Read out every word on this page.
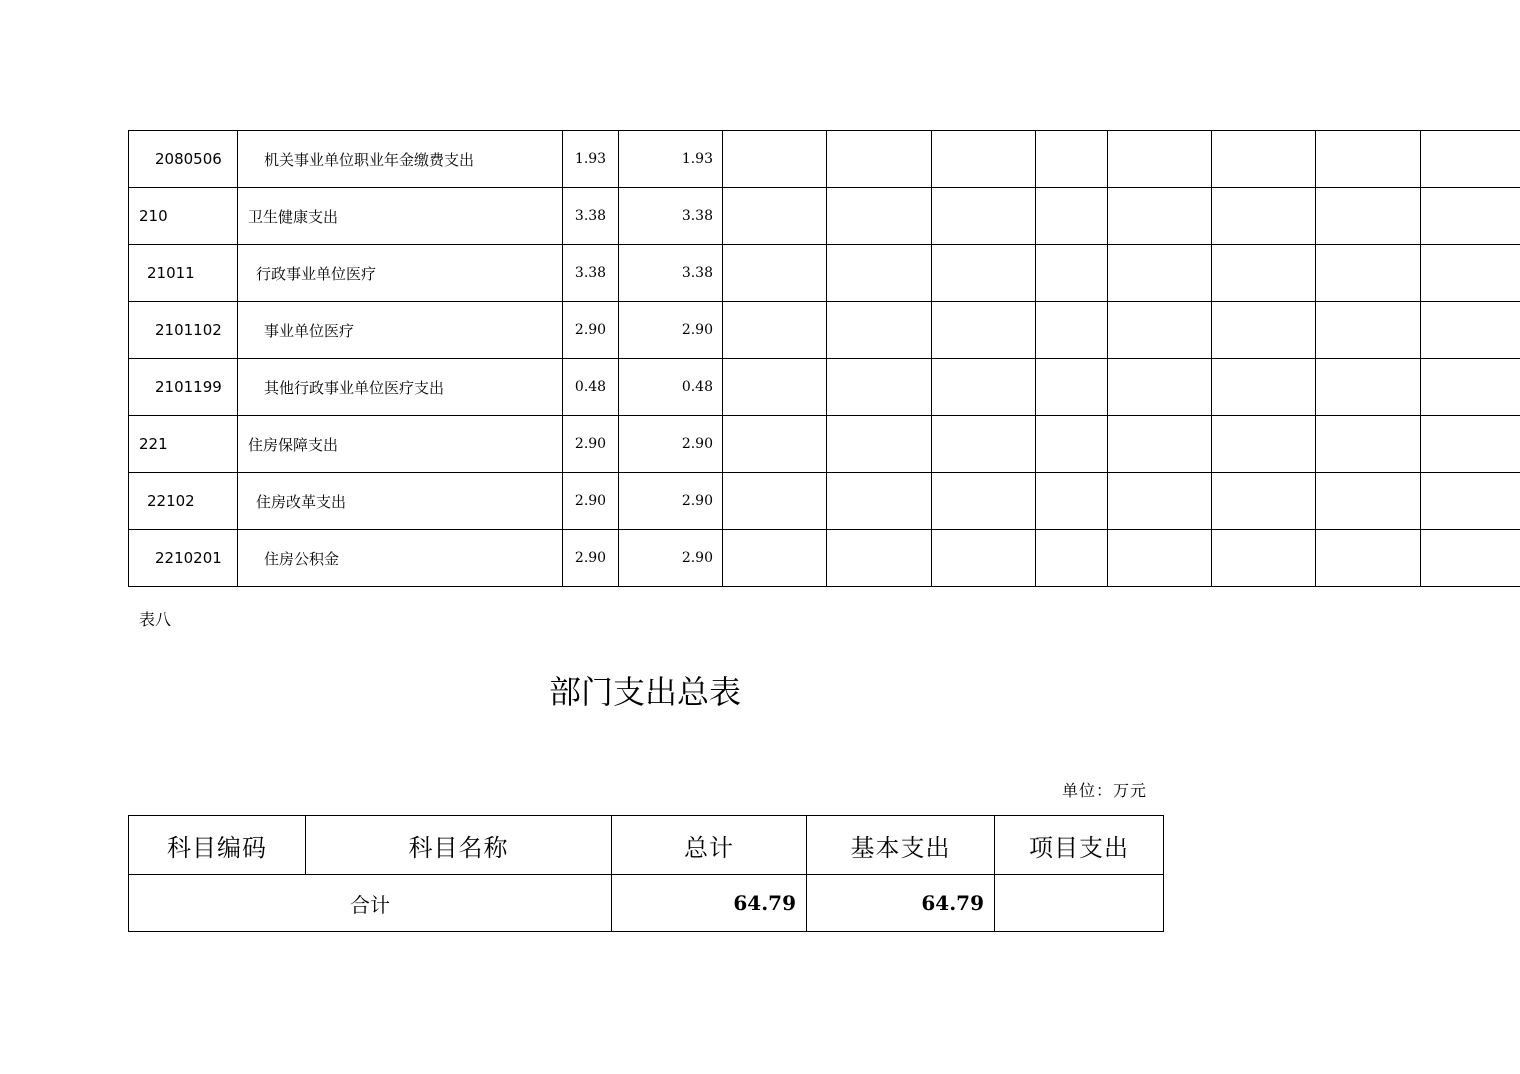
2080506	机关事业单位职业年金缴费支出	1.93	1.93								
210	卫生健康支出	3.38	3.38								
21011	行政事业单位医疗	3.38	3.38								
2101102	事业单位医疗	2.90	2.90								
2101199	其他行政事业单位医疗支出	0.48	0.48								
221	住房保障支出	2.90	2.90								
22102	住房改革支出	2.90	2.90								
2210201	住房公积金	2.90	2.90								
表八
部门支出总表
单位：万元
科目编码	科目名称	总计	基本支出	项目支出
合计		64.79	64.79	
